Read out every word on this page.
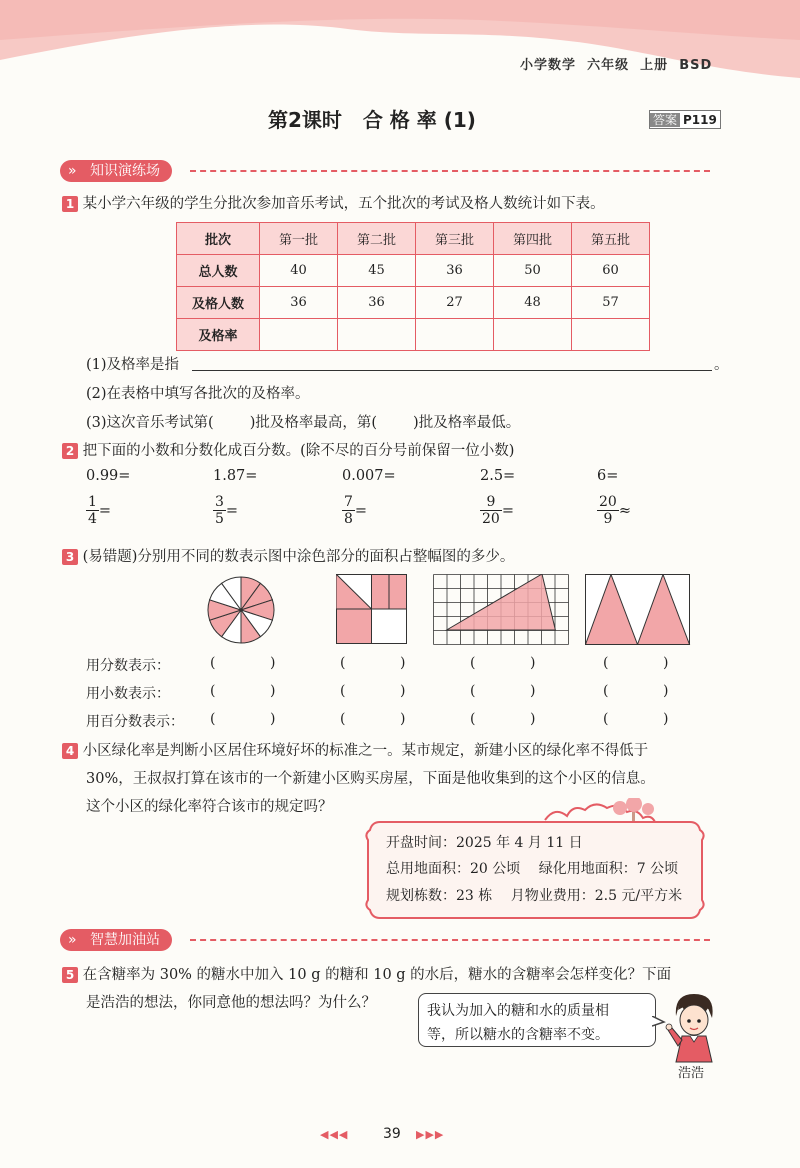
小学数学 六年级 上册 BSD
第2课时 合 格 率 (1)	答案 P119
» 知识演练场
1 某小学六年级的学生分批次参加音乐考试，五个批次的考试及格人数统计如下表。
批次	第一批	第二批	第三批	第四批	第五批
总人数	40	45	36	50	60
及格人数	36	36	27	48	57
及格率					
(1)及格率是指	。
(2)在表格中填写各批次的及格率。
(3)这次音乐考试第( )批及格率最高，第( )批及格率最低。
2 把下面的小数和分数化成百分数。(除不尽的百分号前保留一位小数)
0.99=	1.87=	0.007=	2.5=	6=
$\frac{1}{4}$ =	$\frac{3}{5}$ =	$\frac{7}{8}$ =	$\frac{9}{20}$ =	$\frac{20}{9}$ ≈
3 (易错题)分别用不同的数表示图中涂色部分的面积占整幅图的多少。
用分数表示：
用小数表示：
用百分数表示：
(	)	(	)	(	)	(	)
(	)	(	)	(	)	(	)
(	)	(	)	(	)	(	)
4 小区绿化率是判断小区居住环境好坏的标准之一。某市规定，新建小区的绿化率不得低于
30%，王叔叔打算在该市的一个新建小区购买房屋，下面是他收集到的这个小区的信息。
这个小区的绿化率符合该市的规定吗？
开盘时间：2025 年 4 月 11 日
总用地面积：20 公顷　 绿化用地面积：7 公顷
规划栋数：23 栋　 月物业费用：2.5 元/平方米
» 智慧加油站
5 在含糖率为 30% 的糖水中加入 10 g 的糖和 10 g 的水后，糖水的含糖率会怎样变化？下面
是浩浩的想法，你同意他的想法吗？为什么？	我认为加入的糖和水的质量相
等，所以糖水的含糖率不变。
浩浩
◀◀◀ 39 ▶▶▶
